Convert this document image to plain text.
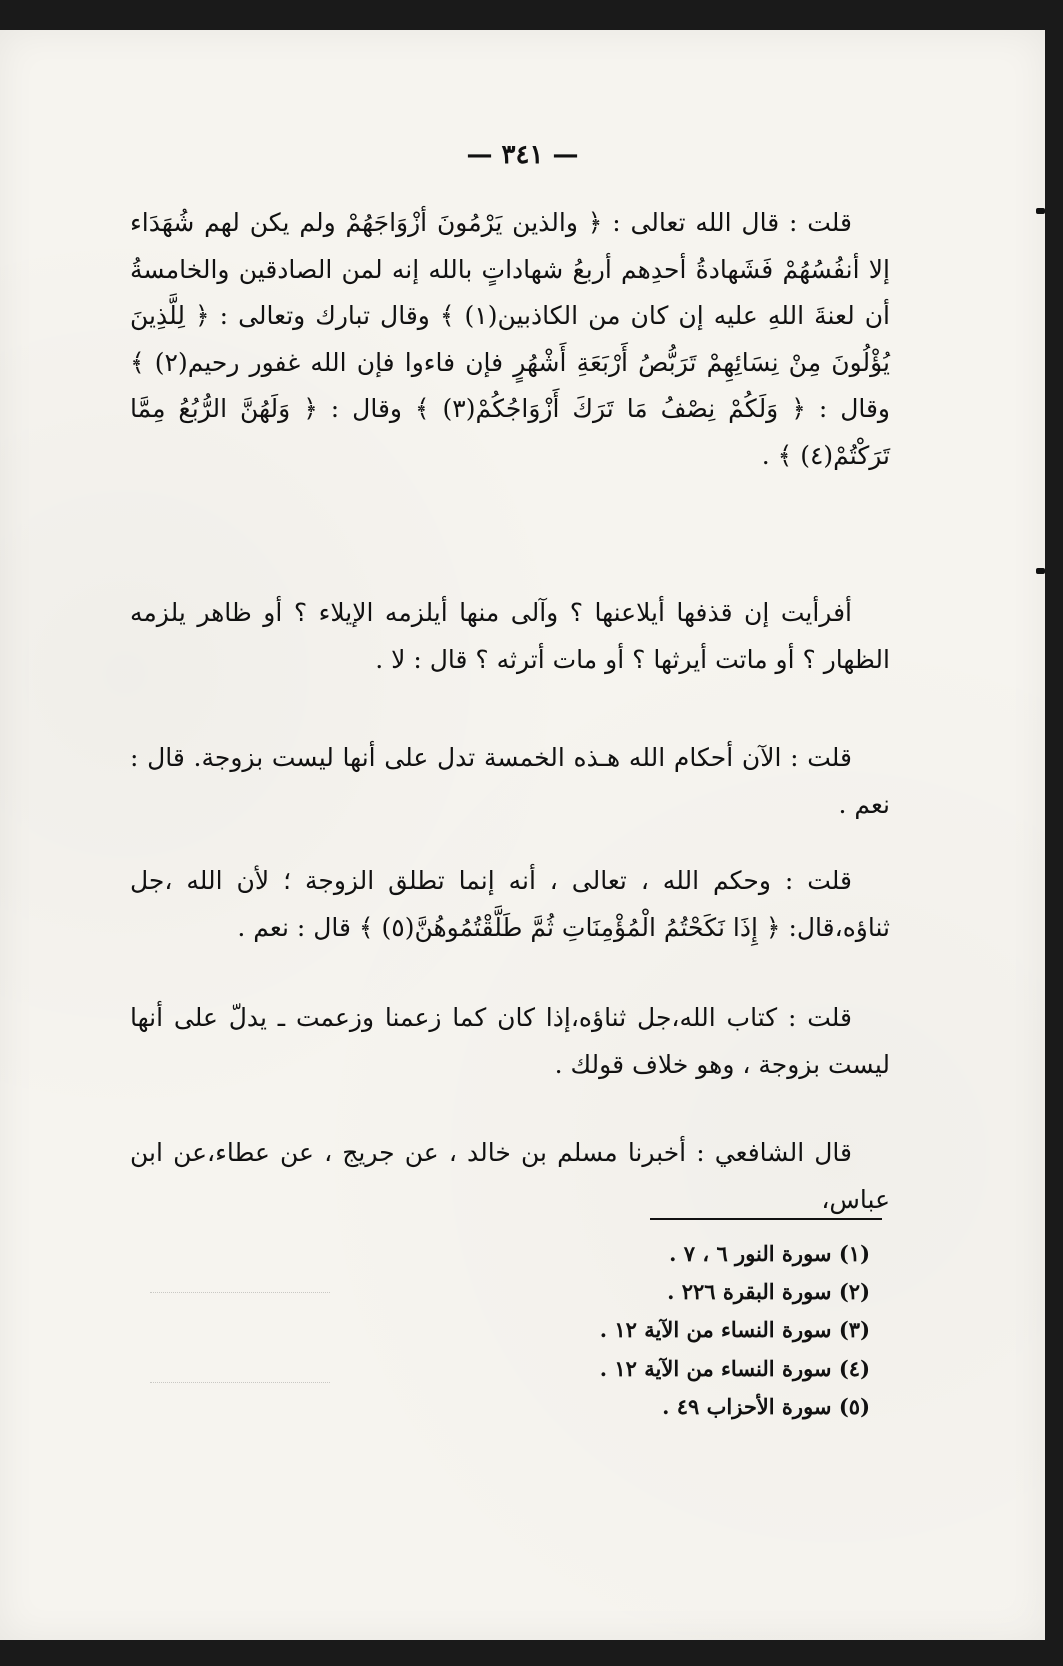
— ٣٤١ —

قلت : قال الله تعالى : ﴿ والذين يَرْمُونَ أزْوَاجَهُمْ ولم يكن لهم شُهَدَاء إلا أنفُسُهُمْ فَشَهادةُ أحدِهم أربعُ شهاداتٍ بالله إنه لمن الصادقين والخامسةُ أن لعنةَ اللهِ عليه إن كان من الكاذبين(١) ﴾ وقال تبارك وتعالى : ﴿ لِلَّذِينَ يُؤْلُونَ مِنْ نِسَائِهِمْ تَرَبُّصُ أَرْبَعَةِ أَشْهُرٍ فإن فاءوا فإن الله غفور رحيم(٢) ﴾ وقال : ﴿ وَلَكُمْ نِصْفُ مَا تَرَكَ أَزْوَاجُكُمْ(٣) ﴾ وقال : ﴿ وَلَهُنَّ الرُّبُعُ مِمَّا تَرَكْتُمْ(٤) ﴾ .

أفرأيت إن قذفها أيلاعنها ؟ وآلى منها أيلزمه الإيلاء ؟ أو ظاهر يلزمه الظهار ؟ أو ماتت أيرثها ؟ أو مات أترثه ؟ قال : لا .

قلت : الآن أحكام الله هـذه الخمسة تدل على أنها ليست بزوجة. قال : نعم .

قلت : وحكم الله ، تعالى ، أنه إنما تطلق الزوجة ؛ لأن الله ،جل ثناؤه،قال: ﴿ إِذَا نَكَحْتُمُ الْمُؤْمِنَاتِ ثُمَّ طَلَّقْتُمُوهُنَّ(٥) ﴾ قال : نعم .

قلت : كتاب الله،جل ثناؤه،إذا كان كما زعمنا وزعمت ـ يدلّ على أنها ليست بزوجة ، وهو خلاف قولك .

قال الشافعي : أخبرنا مسلم بن خالد ، عن جريج ، عن عطاء،عن ابن عباس،

(١) سورة النور ٦ ، ٧ .
(٢) سورة البقرة ٢٢٦ .
(٣) سورة النساء من الآية ١٢ .
(٤) سورة النساء من الآية ١٢ .
(٥) سورة الأحزاب ٤٩ .
